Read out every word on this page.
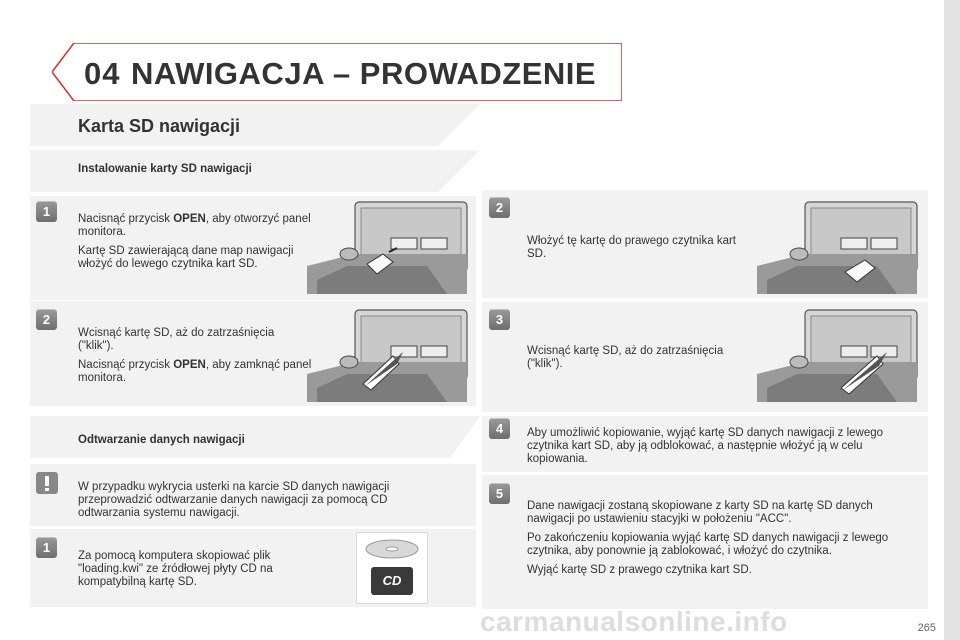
04 NAWIGACJA – PROWADZENIE
Karta SD nawigacji
Instalowanie karty SD nawigacji
1	Nacisnąć przycisk OPEN, aby otworzyć panel monitora.

Kartę SD zawierającą dane map nawigacji włożyć do lewego czytnika kart SD.

2

Wcisnąć kartę SD, aż do zatrzaśnięcia ("klik").

Nacisnąć przycisk OPEN, aby zamknąć panel monitora.

Odtwarzanie danych nawigacji
W przypadku wykrycia usterki na karcie SD danych nawigacji przeprowadzić odtwarzanie danych nawigacji za pomocą CD odtwarzania systemu nawigacji.
1
Za pomocą komputera skopiować plik "loading.kwi" ze źródłowej płyty CD na kompatybilną kartę SD.	CD
2
Włożyć tę kartę do prawego czytnika kart SD.
3
Wcisnąć kartę SD, aż do zatrzaśnięcia ("klik").
4	Aby umożliwić kopiowanie, wyjąć kartę SD danych nawigacji z lewego czytnika kart SD, aby ją odblokować, a następnie włożyć ją w celu kopiowania.
5

Dane nawigacji zostaną skopiowane z karty SD na kartę SD danych nawigacji po ustawieniu stacyjki w położeniu "ACC".

Po zakończeniu kopiowania wyjąć kartę SD danych nawigacji z lewego czytnika, aby ponownie ją zablokować, i włożyć do czytnika.

Wyjąć kartę SD z prawego czytnika kart SD.

carmanualsonline.info	265
